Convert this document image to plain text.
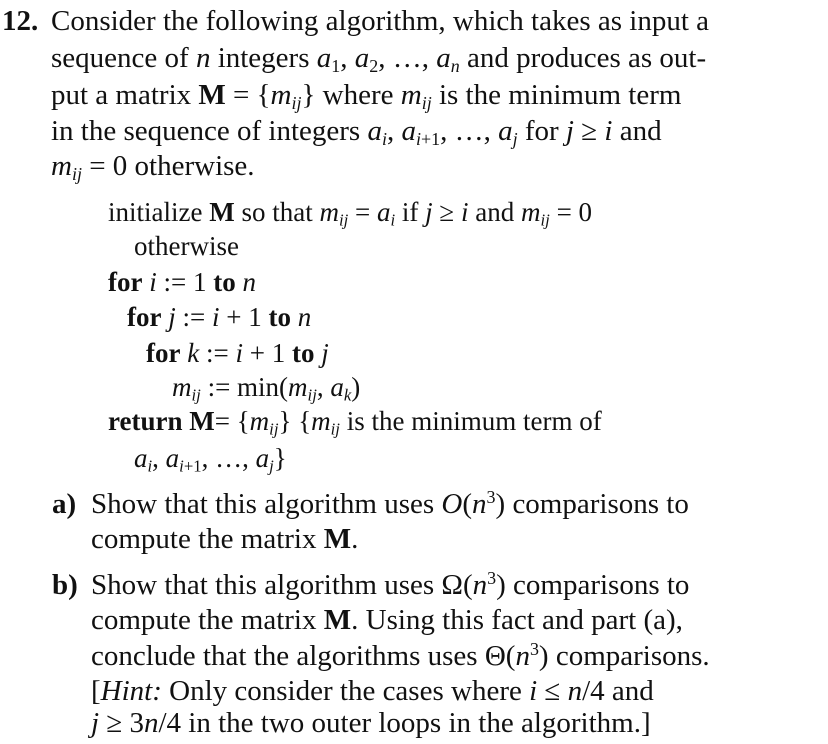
12. Consider the following algorithm, which takes as input a
sequence of n integers $a_1$, $a_2$, …, $a_n$ and produces as out-
put a matrix $M = \{m_{ij}\}$ where $m_{ij}$ is the minimum term
in the sequence of integers $a_i$, $a_{i+1}$, …, $a_j$ for j ≥ i and
$m_{ij} = 0$ otherwise.
initialize M so that $m_{ij} = a_i$ if j ≥ i and $m_{ij} = 0$
otherwise
for i := 1 to n
for j := i + 1 to n
for k := i + 1 to j
$m_{ij}$ := $\min(m_{ij}$, $a_k$)
return $M= \{m_{ij}\}$ {$m_{ij}$ is the minimum term of
$a_i$, $a_{i+1}$, …, $a_j$}
a) Show that this algorithm uses $O(n^3)$ comparisons to
compute the matrix M.
b) Show that this algorithm uses $\Omega(n^3)$ comparisons to
compute the matrix M. Using this fact and part (a),
conclude that the algorithms uses $\Theta(n^3)$ comparisons.
[Hint: Only consider the cases where i ≤ n/4 and
j ≥ 3n/4 in the two outer loops in the algorithm.]
